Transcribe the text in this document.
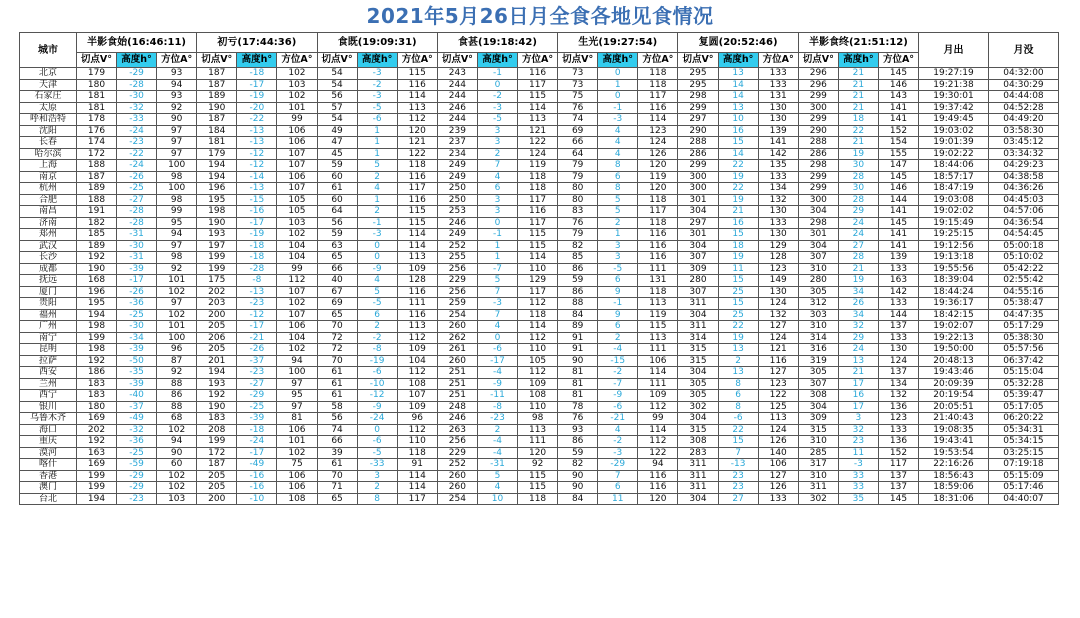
2021年5月26日月全食各地见食情况
城市	半影食始(16:46:11)			初亏(17:44:36)			食既(19:09:31)			食甚(19:18:42)			生光(19:27:54)			复圆(20:52:46)			半影食终(21:51:12)			月出	月没
	切点V°	高度h°	方位A°	切点V°	高度h°	方位A°	切点V°	高度h°	方位A°	切点V°	高度h°	方位A°	切点V°	高度h°	方位A°	切点V°	高度h°	方位A°	切点V°	高度h°	方位A°		
北京	179	-29	93	187	-18	102	54	-3	115	243	-1	116	73	0	118	295	13	133	296	21	145	19:27:19	04:32:00
天津	180	-28	94	187	-17	103	54	-2	116	244	0	117	73	1	118	295	14	133	296	21	146	19:21:38	04:30:29
石家庄	181	-30	93	189	-19	102	56	-3	114	244	-2	115	75	0	117	298	14	131	299	21	143	19:30:01	04:44:08
太原	181	-32	92	190	-20	101	57	-5	113	246	-3	114	76	-1	116	299	13	130	300	21	141	19:37:42	04:52:28
呼和浩特	178	-33	90	187	-22	99	54	-6	112	244	-5	113	74	-3	114	297	10	130	299	18	141	19:49:45	04:49:20
沈阳	176	-24	97	184	-13	106	49	1	120	239	3	121	69	4	123	290	16	139	290	22	152	19:03:02	03:58:30
长春	174	-23	97	181	-13	106	47	1	121	237	3	122	66	4	124	288	15	141	288	21	154	19:01:39	03:45:12
哈尔滨	172	-22	97	179	-12	107	45	1	122	234	2	124	64	4	126	286	14	142	286	19	155	19:02:22	03:34:32
上海	188	-24	100	194	-12	107	59	5	118	249	7	119	79	8	120	299	22	135	298	30	147	18:44:06	04:29:23
南京	187	-26	98	194	-14	106	60	2	116	249	4	118	79	6	119	300	19	133	299	28	145	18:57:17	04:38:58
杭州	189	-25	100	196	-13	107	61	4	117	250	6	118	80	8	120	300	22	134	299	30	146	18:47:19	04:36:26
合肥	188	-27	98	195	-15	105	60	1	116	250	3	117	80	5	118	301	19	132	300	28	144	19:03:08	04:45:03
南昌	191	-28	99	198	-16	105	64	2	115	253	3	116	83	5	117	304	21	130	304	29	141	19:02:02	04:57:06
济南	182	-28	95	190	-17	103	56	-1	115	246	0	117	76	2	118	297	16	133	298	24	145	19:15:49	04:36:54
郑州	185	-31	94	193	-19	102	59	-3	114	249	-1	115	79	1	116	301	15	130	301	24	141	19:25:15	04:54:45
武汉	189	-30	97	197	-18	104	63	0	114	252	1	115	82	3	116	304	18	129	304	27	141	19:12:56	05:00:18
长沙	192	-31	98	199	-18	104	65	0	113	255	1	114	85	3	116	307	19	128	307	28	139	19:13:18	05:10:02
成都	190	-39	92	199	-28	99	66	-9	109	256	-7	110	86	-5	111	309	11	123	310	21	133	19:55:56	05:42:22
抚远	168	-17	101	175	-8	112	40	4	128	229	5	129	59	6	131	280	15	149	280	19	163	18:39:04	02:55:42
厦门	196	-26	102	202	-13	107	67	5	116	256	7	117	86	9	118	307	25	130	305	34	142	18:44:24	04:55:16
贵阳	195	-36	97	203	-23	102	69	-5	111	259	-3	112	88	-1	113	311	15	124	312	26	133	19:36:17	05:38:47
福州	194	-25	102	200	-12	107	65	6	116	254	7	118	84	9	119	304	25	132	303	34	144	18:42:15	04:47:35
广州	198	-30	101	205	-17	106	70	2	113	260	4	114	89	6	115	311	22	127	310	32	137	19:02:07	05:17:29
南宁	199	-34	100	206	-21	104	72	-2	112	262	0	112	91	2	113	314	19	124	314	29	133	19:22:13	05:38:30
昆明	198	-39	96	205	-26	102	72	-8	109	261	-6	110	91	-4	111	315	13	121	316	24	130	19:50:00	05:57:56
拉萨	192	-50	87	201	-37	94	70	-19	104	260	-17	105	90	-15	106	315	2	116	319	13	124	20:48:13	06:37:42
西安	186	-35	92	194	-23	100	61	-6	112	251	-4	112	81	-2	114	304	13	127	305	21	137	19:43:46	05:15:04
兰州	183	-39	88	193	-27	97	61	-10	108	251	-9	109	81	-7	111	305	8	123	307	17	134	20:09:39	05:32:28
西宁	183	-40	86	192	-29	95	61	-12	107	251	-11	108	81	-9	109	305	6	122	308	16	132	20:19:54	05:39:47
银川	180	-37	88	190	-25	97	58	-9	109	248	-8	110	78	-6	112	302	8	125	304	17	136	20:05:51	05:17:05
乌鲁木齐	169	-49	68	183	-39	81	56	-24	96	246	-23	98	76	-21	99	304	-6	113	309	3	123	21:40:43	06:20:22
海口	202	-32	102	208	-18	106	74	0	112	263	2	113	93	4	114	315	22	124	315	32	133	19:08:35	05:34:31
重庆	192	-36	94	199	-24	101	66	-6	110	256	-4	111	86	-2	112	308	15	126	310	23	136	19:43:41	05:34:15
漠河	163	-25	90	172	-17	102	39	-5	118	229	-4	120	59	-3	122	283	7	140	285	11	152	19:53:54	03:25:15
喀什	169	-59	60	187	-49	75	61	-33	91	252	-31	92	82	-29	94	311	-13	106	317	-3	117	22:16:26	07:19:18
香港	199	-29	102	205	-16	106	70	3	114	260	5	115	90	7	116	311	23	127	310	33	137	18:56:43	05:15:09
澳门	199	-29	102	205	-16	106	71	2	114	260	4	115	90	6	116	311	23	126	311	33	137	18:59:06	05:17:46
台北	194	-23	103	200	-10	108	65	8	117	254	10	118	84	11	120	304	27	133	302	35	145	18:31:06	04:40:07
